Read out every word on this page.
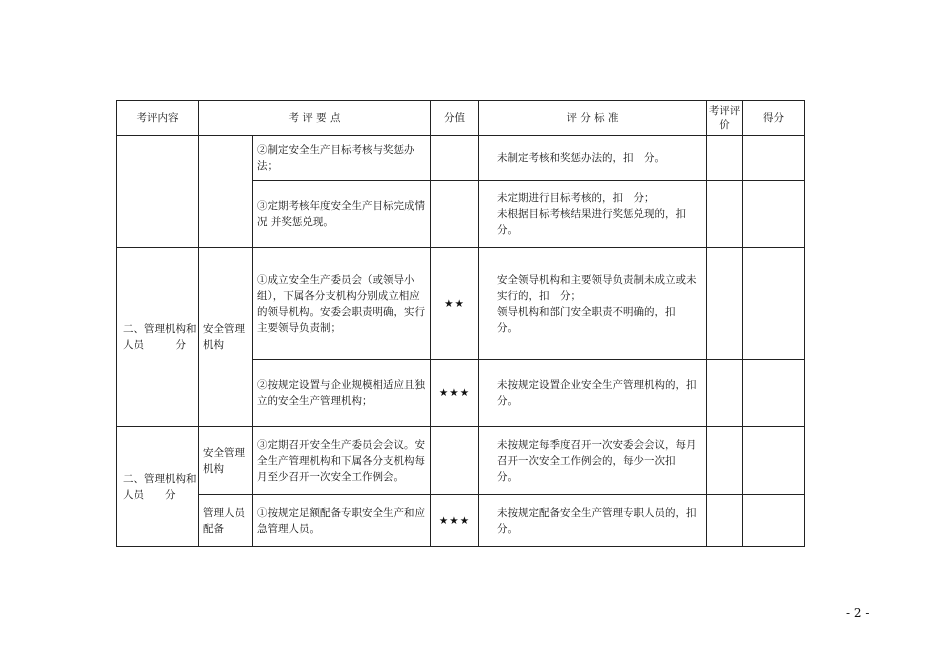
考评内容	考 评 要 点		分值	评 分 标 准	考评评价	得分
		②制定安全生产目标考核与奖惩办法；		未制定考核和奖惩办法的，扣　分。		

		③定期考核年度安全生产目标完成情况 并奖惩兑现。		未定期进行目标考核的，扣　分；
未根据目标考核结果进行奖惩兑现的，扣　分。		

二、管理机构和人员　　　分	安全管理机构	①成立安全生产委员会（或领导小组），下属各分支机构分别成立相应的领导机构。安委会职责明确，实行主要领导负责制；	★★	安全领导机构和主要领导负责制未成立或未实行的，扣　分；
领导机构和部门安全职责不明确的，扣　分。		

		②按规定设置与企业规模相适应且独立的安全生产管理机构；	★★★	未按规定设置企业安全生产管理机构的，扣　分。		

二、管理机构和人员　　分	安全管理机构	③定期召开安全生产委员会会议。安全生产管理机构和下属各分支机构每月至少召开一次安全工作例会。		未按规定每季度召开一次安委会会议，每月召开一次安全工作例会的，每少一次扣　分。		

	管理人员配备	①按规定足额配备专职安全生产和应急管理人员。	★★★	未按规定配备安全生产管理专职人员的，扣　分。		

- 2 -
